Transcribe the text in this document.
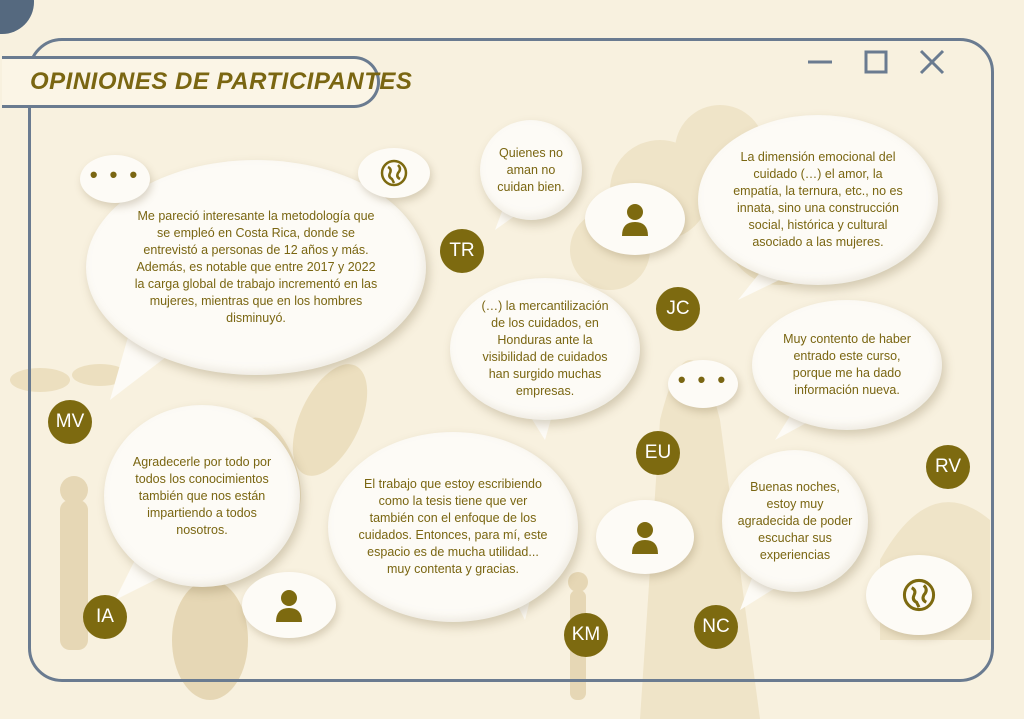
OPINIONES DE PARTICIPANTES
Me pareció interesante la metodología que se empleó en Costa Rica, donde se entrevistó a personas de 12 años y más. Además, es notable que entre 2017 y 2022 la carga global de trabajo incrementó en las mujeres, mientras que en los hombres disminuyó.
Quienes no aman no cuidan bien.
La dimensión emocional del cuidado (…) el amor, la empatía, la ternura, etc., no es innata, sino una construcción social, histórica y cultural asociado a las mujeres.
(…) la mercantilización de los cuidados, en Honduras ante la visibilidad de cuidados han surgido muchas empresas.
Muy contento de haber entrado este curso, porque me ha dado información nueva.
Agradecerle por todo por todos los conocimientos también que nos están impartiendo a todos nosotros.
El trabajo que estoy escribiendo como la tesis tiene que ver también con el enfoque de los cuidados. Entonces, para mí, este espacio es de mucha utilidad... muy contenta y gracias.
Buenas noches, estoy muy agradecida de poder escuchar sus experiencias
• • •
• • •
MV
TR
JC
EU
RV
IA
KM	NC
